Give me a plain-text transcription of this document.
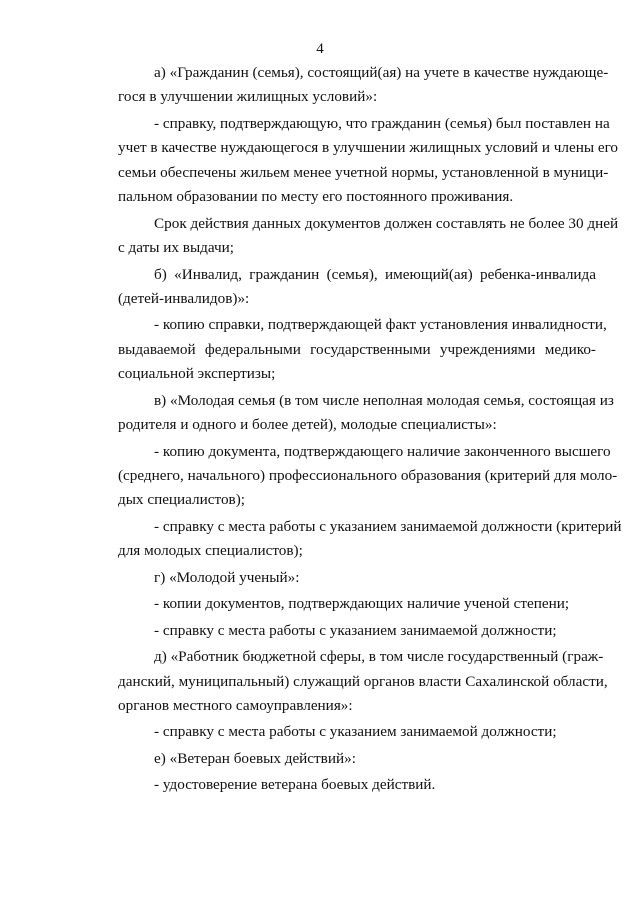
4
а) «Гражданин (семья), состоящий(ая) на учете в качестве нуждающе-
гося в улучшении жилищных условий»:
- справку, подтверждающую, что гражданин (семья) был поставлен на
учет в качестве нуждающегося в улучшении жилищных условий и члены его
семьи обеспечены жильем менее учетной нормы, установленной в муници-
пальном образовании по месту его постоянного проживания.
Срок действия данных документов должен составлять не более 30 дней
с даты их выдачи;
б) «Инвалид, гражданин (семья), имеющий(ая) ребенка-инвалида
(детей-инвалидов)»:
- копию справки, подтверждающей факт установления инвалидности,
выдаваемой федеральными государственными учреждениями медико-
социальной экспертизы;
в) «Молодая семья (в том числе неполная молодая семья, состоящая из
родителя и одного и более детей), молодые специалисты»:
- копию документа, подтверждающего наличие законченного высшего
(среднего, начального) профессионального образования (критерий для моло-
дых специалистов);
- справку с места работы с указанием занимаемой должности (критерий
для молодых специалистов);
г) «Молодой ученый»:
- копии документов, подтверждающих наличие ученой степени;
- справку с места работы с указанием занимаемой должности;
д) «Работник бюджетной сферы, в том числе государственный (граж-
данский, муниципальный) служащий органов власти Сахалинской области,
органов местного самоуправления»:
- справку с места работы с указанием занимаемой должности;
е) «Ветеран боевых действий»:
- удостоверение ветерана боевых действий.
